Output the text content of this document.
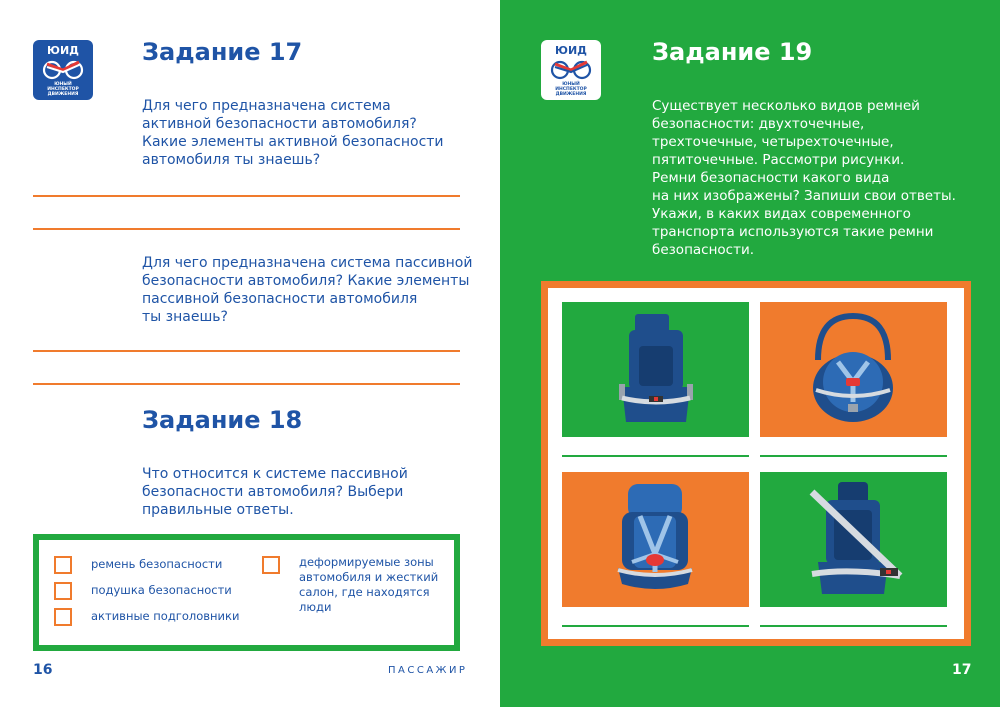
ЮИД
ЮНЫЙ
ИНСПЕКТОР
ДВИЖЕНИЯ
Задание 17
Для чего предназначена система
активной безопасности автомобиля?
Какие элементы активной безопасности
автомобиля ты знаешь?
Для чего предназначена система пассивной
безопасности автомобиля? Какие элементы
пассивной безопасности автомобиля
ты знаешь?
Задание 18
Что относится к системе пассивной
безопасности автомобиля? Выбери
правильные ответы.
ремень безопасности
подушка безопасности
активные подголовники
деформируемые зоны
автомобиля и жесткий
салон, где находятся
люди
16	ПАССАЖИР
ЮИД
ЮНЫЙ
ИНСПЕКТОР
ДВИЖЕНИЯ
Задание 19
Существует несколько видов ремней
безопасности: двухточечные,
трехточечные, четырехточечные,
пятиточечные. Рассмотри рисунки.
Ремни безопасности какого вида
на них изображены? Запиши свои ответы.
Укажи, в каких видах современного
транспорта используются такие ремни
безопасности.
17
